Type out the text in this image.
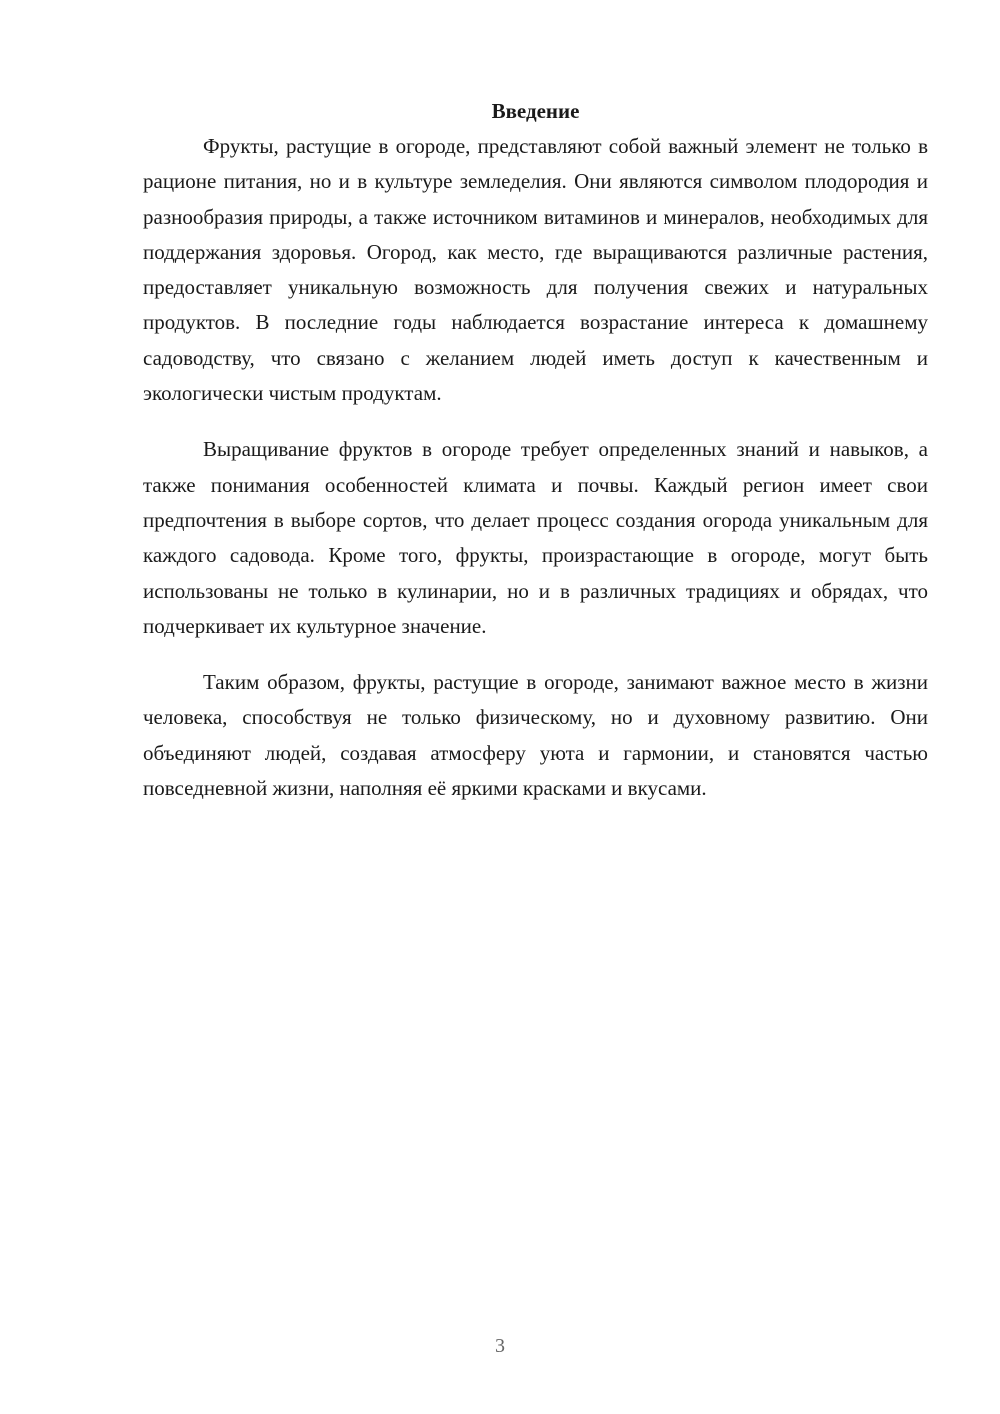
Введение

Фрукты, растущие в огороде, представляют собой важный элемент не только в рационе питания, но и в культуре земледелия. Они являются символом плодородия и разнообразия природы, а также источником витаминов и минералов, необходимых для поддержания здоровья. Огород, как место, где выращиваются различные растения, предоставляет уникальную возможность для получения свежих и натуральных продуктов. В последние годы наблюдается возрастание интереса к домашнему садоводству, что связано с желанием людей иметь доступ к качественным и экологически чистым продуктам.

Выращивание фруктов в огороде требует определенных знаний и навыков, а также понимания особенностей климата и почвы. Каждый регион имеет свои предпочтения в выборе сортов, что делает процесс создания огорода уникальным для каждого садовода. Кроме того, фрукты, произрастающие в огороде, могут быть использованы не только в кулинарии, но и в различных традициях и обрядах, что подчеркивает их культурное значение.

Таким образом, фрукты, растущие в огороде, занимают важное место в жизни человека, способствуя не только физическому, но и духовному развитию. Они объединяют людей, создавая атмосферу уюта и гармонии, и становятся частью повседневной жизни, наполняя её яркими красками и вкусами.

3
